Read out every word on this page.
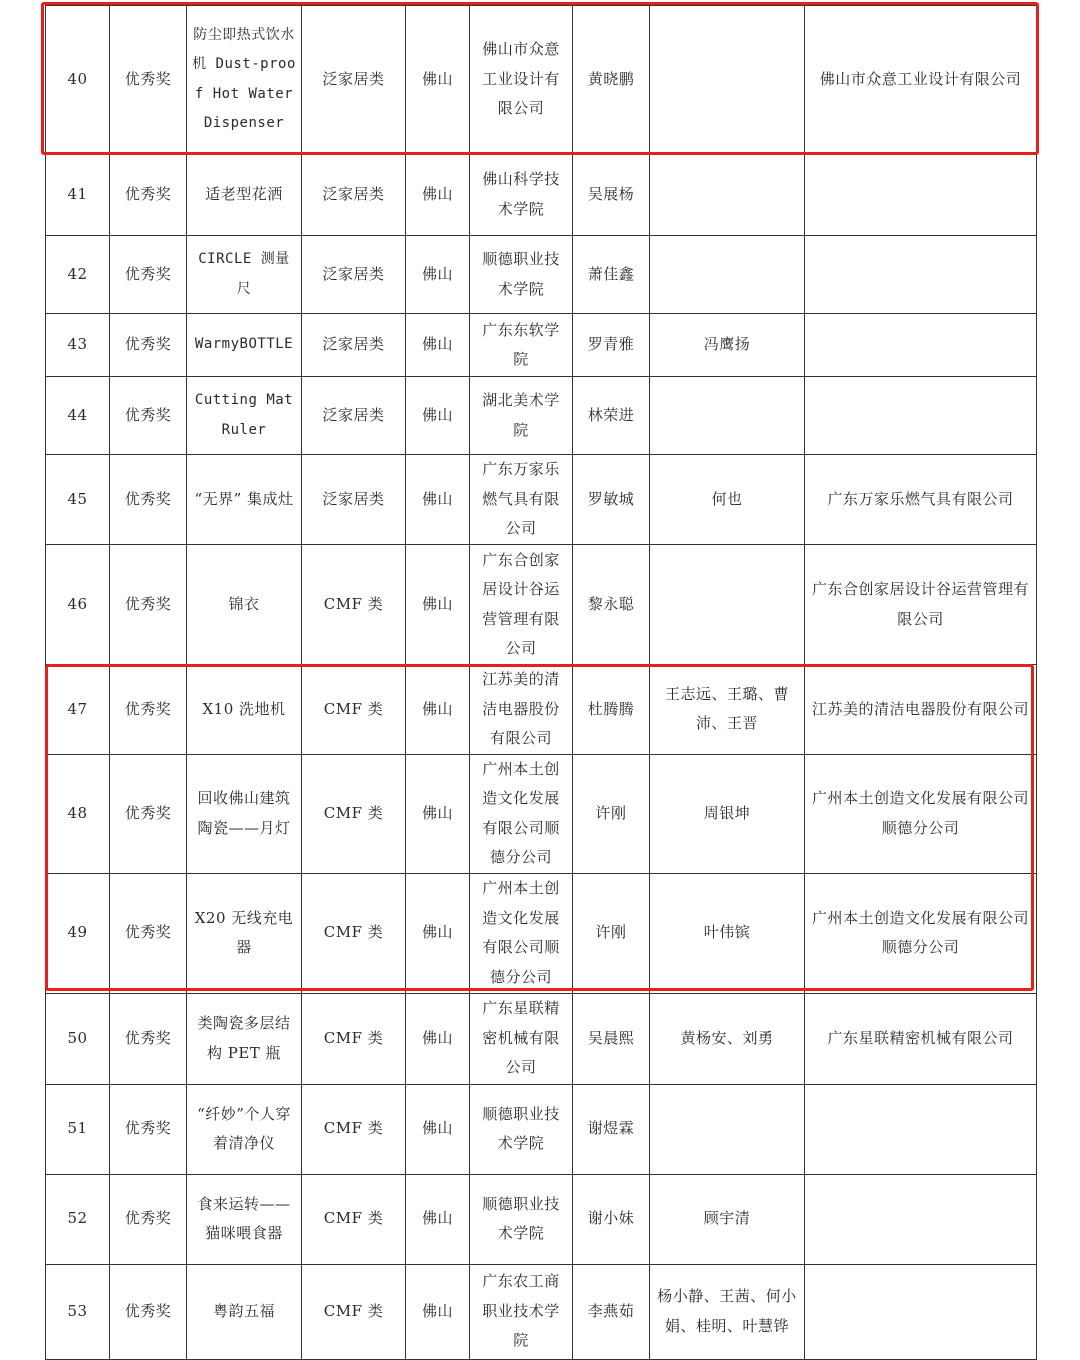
40	优秀奖	防尘即热式饮水机 Dust-proof Hot Water Dispenser	泛家居类	佛山	佛山市众意工业设计有限公司	黄晓鹏		佛山市众意工业设计有限公司
41	优秀奖	适老型花洒	泛家居类	佛山	佛山科学技术学院	吴展杨		
42	优秀奖	CIRCLE 测量尺	泛家居类	佛山	顺德职业技术学院	萧佳鑫		
43	优秀奖	WarmyBOTTLE	泛家居类	佛山	广东东软学院	罗青雅	冯鹰扬	
44	优秀奖	Cutting Mat Ruler	泛家居类	佛山	湖北美术学院	林荣进		
45	优秀奖	“无界” 集成灶	泛家居类	佛山	广东万家乐燃气具有限公司	罗敏城	何也	广东万家乐燃气具有限公司
46	优秀奖	锦衣	CMF 类	佛山	广东合创家居设计谷运营管理有限公司	黎永聪		广东合创家居设计谷运营管理有限公司
47	优秀奖	X10 洗地机	CMF 类	佛山	江苏美的清洁电器股份有限公司	杜腾腾	王志远、王璐、曹沛、王晋	江苏美的清洁电器股份有限公司
48	优秀奖	回收佛山建筑陶瓷——月灯	CMF 类	佛山	广州本土创造文化发展有限公司顺德分公司	许刚	周银坤	广州本土创造文化发展有限公司顺德分公司
49	优秀奖	X20 无线充电器	CMF 类	佛山	广州本土创造文化发展有限公司顺德分公司	许刚	叶伟镔	广州本土创造文化发展有限公司顺德分公司
50	优秀奖	类陶瓷多层结构 PET 瓶	CMF 类	佛山	广东星联精密机械有限公司	吴晨熙	黄杨安、刘勇	广东星联精密机械有限公司
51	优秀奖	“纤妙”个人穿着清净仪	CMF 类	佛山	顺德职业技术学院	谢煜霖		
52	优秀奖	食来运转——猫咪喂食器	CMF 类	佛山	顺德职业技术学院	谢小妹	顾宇清	
53	优秀奖	粤韵五福	CMF 类	佛山	广东农工商职业技术学院	李燕茹	杨小静、王茜、何小娟、桂明、叶慧铧	
